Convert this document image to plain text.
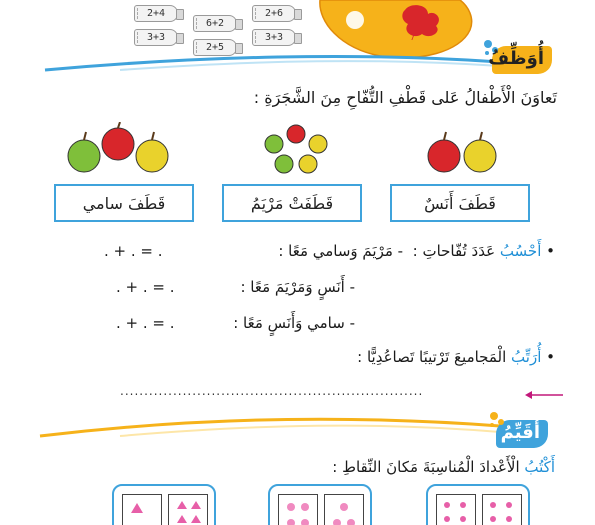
2+4
3+3
6+2
2+5
2+6
3+3	7
أُوَظِّفُ
تَعاوَنَ الْأَطْفالُ عَلى قَطْفِ التُّفّاحِ مِنَ الشَّجَرَةِ :
قَطَفَ سامي	قَطَفَتْ مَرْيَمُ	قَطَفَ أَنَسٌ
• أَحْسُبُ عَدَدَ تُفّاحاتِ :  - مَرْيَمَ وَسامي مَعًا :
. + . = .
- أَنَسٍ وَمَرْيَمَ مَعًا :
. + . = .
- سامي وَأَنَسٍ مَعًا :
. + . = .
• أُرَتِّبُ الْمَجاميعَ تَرْتيبًا تَصاعُدِيًّا :
...............................................................
أُقَيِّمُ
أَكْتُبُ الْأَعْدادَ الْمُناسِبَةَ مَكانَ النِّقاطِ :
